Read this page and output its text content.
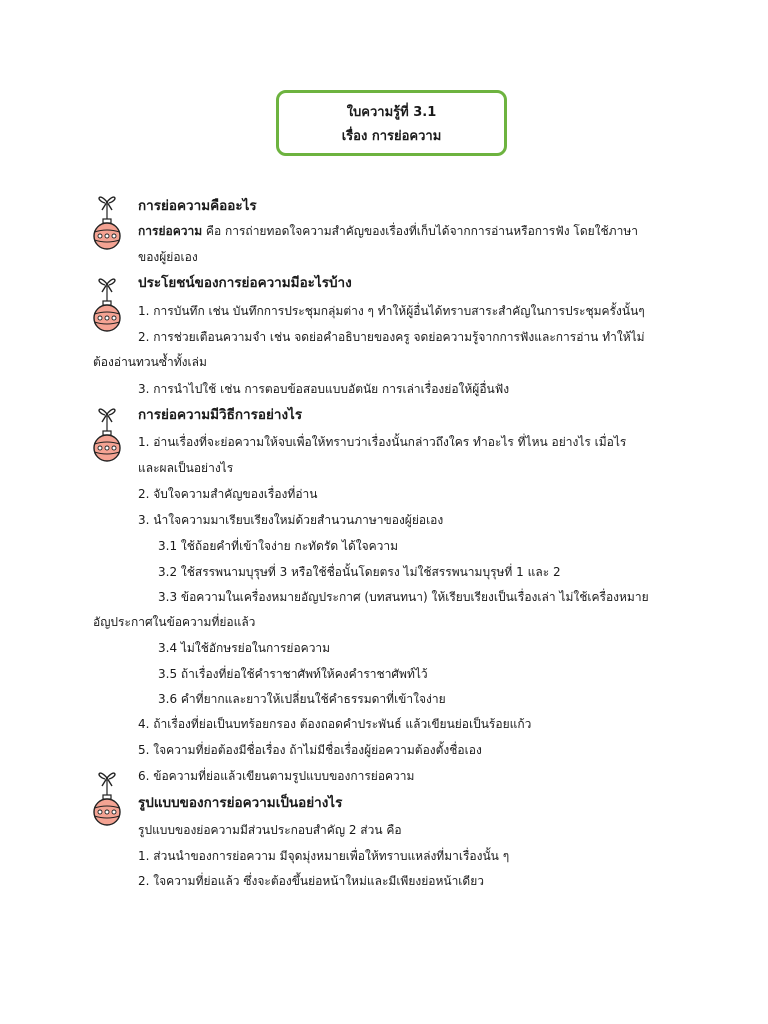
ใบความรู้ที่ 3.1
เรื่อง การย่อความ
การย่อความคืออะไร
การย่อความ คือ การถ่ายทอดใจความสำคัญของเรื่องที่เก็บได้จากการอ่านหรือการฟัง โดยใช้ภาษา
ของผู้ย่อเอง
ประโยชน์ของการย่อความมีอะไรบ้าง
1. การบันทึก เช่น บันทึกการประชุมกลุ่มต่าง ๆ ทำให้ผู้อื่นได้ทราบสาระสำคัญในการประชุมครั้งนั้นๆ
2. การช่วยเตือนความจำ เช่น จดย่อคำอธิบายของครู จดย่อความรู้จากการฟังและการอ่าน ทำให้ไม่
ต้องอ่านทวนซ้ำทั้งเล่ม
3. การนำไปใช้ เช่น การตอบข้อสอบแบบอัตนัย การเล่าเรื่องย่อให้ผู้อื่นฟัง
การย่อความมีวิธีการอย่างไร
1. อ่านเรื่องที่จะย่อความให้จบเพื่อให้ทราบว่าเรื่องนั้นกล่าวถึงใคร ทำอะไร ที่ไหน อย่างไร เมื่อไร
และผลเป็นอย่างไร
2. จับใจความสำคัญของเรื่องที่อ่าน
3. นำใจความมาเรียบเรียงใหม่ด้วยสำนวนภาษาของผู้ย่อเอง
3.1 ใช้ถ้อยคำที่เข้าใจง่าย กะทัดรัด ได้ใจความ
3.2 ใช้สรรพนามบุรุษที่ 3 หรือใช้ชื่อนั้นโดยตรง ไม่ใช้สรรพนามบุรุษที่ 1 และ 2
3.3 ข้อความในเครื่องหมายอัญประกาศ (บทสนทนา) ให้เรียบเรียงเป็นเรื่องเล่า ไม่ใช้เครื่องหมาย
อัญประกาศในข้อความที่ย่อแล้ว
3.4 ไม่ใช้อักษรย่อในการย่อความ
3.5 ถ้าเรื่องที่ย่อใช้คำราชาศัพท์ให้คงคำราชาศัพท์ไว้
3.6 คำที่ยากและยาวให้เปลี่ยนใช้คำธรรมดาที่เข้าใจง่าย
4. ถ้าเรื่องที่ย่อเป็นบทร้อยกรอง ต้องถอดคำประพันธ์ แล้วเขียนย่อเป็นร้อยแก้ว
5. ใจความที่ย่อต้องมีชื่อเรื่อง ถ้าไม่มีชื่อเรื่องผู้ย่อความต้องตั้งชื่อเอง
6. ข้อความที่ย่อแล้วเขียนตามรูปแบบของการย่อความ
รูปแบบของการย่อความเป็นอย่างไร
รูปแบบของย่อความมีส่วนประกอบสำคัญ 2 ส่วน คือ
1. ส่วนนำของการย่อความ มีจุดมุ่งหมายเพื่อให้ทราบแหล่งที่มาเรื่องนั้น ๆ
2. ใจความที่ย่อแล้ว ซึ่งจะต้องขึ้นย่อหน้าใหม่และมีเพียงย่อหน้าเดียว
